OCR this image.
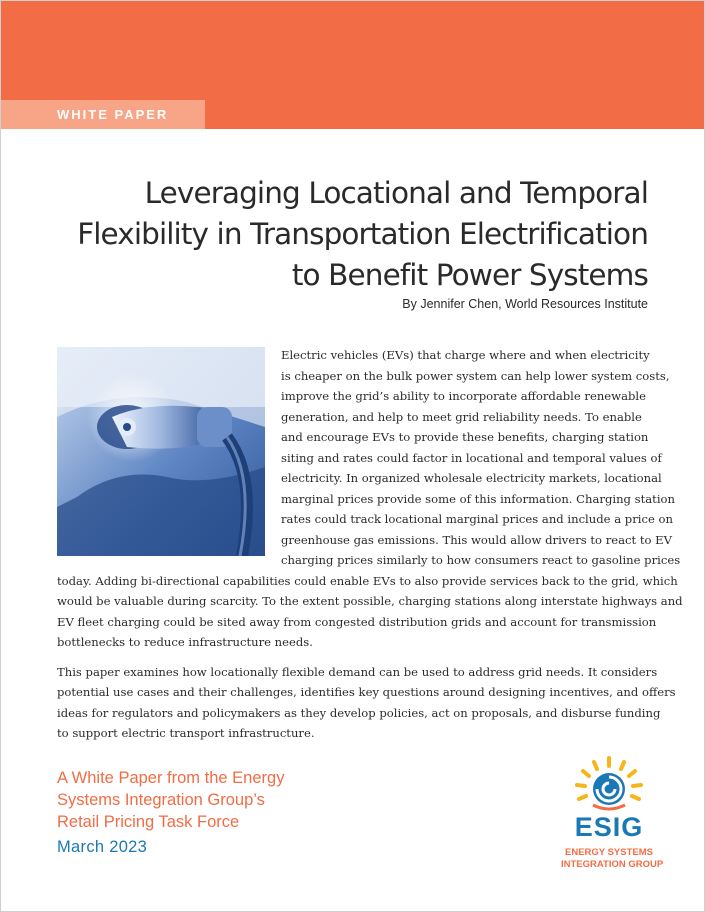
WHITE PAPER
Leveraging Locational and Temporal
Flexibility in Transportation Electrification
to Benefit Power Systems
By Jennifer Chen, World Resources Institute

Electric vehicles (EVs) that charge where and when electricity
is cheaper on the bulk power system can help lower system costs,
improve the grid’s ability to incorporate affordable renewable
generation, and help to meet grid reliability needs. To enable
and encourage EVs to provide these benefits, charging station
siting and rates could factor in locational and temporal values of
electricity. In organized wholesale electricity markets, locational
marginal prices provide some of this information. Charging station
rates could track locational marginal prices and include a price on
greenhouse gas emissions. This would allow drivers to react to EV
charging prices similarly to how consumers react to gasoline prices
today. Adding bi-directional capabilities could enable EVs to also provide services back to the grid, which
would be valuable during scarcity. To the extent possible, charging stations along interstate highways and
EV fleet charging could be sited away from congested distribution grids and account for transmission
bottlenecks to reduce infrastructure needs.

This paper examines how locationally flexible demand can be used to address grid needs. It considers
potential use cases and their challenges, identifies key questions around designing incentives, and offers
ideas for regulators and policymakers as they develop policies, act on proposals, and disburse funding
to support electric transport infrastructure.

A White Paper from the Energy
Systems Integration Group’s
Retail Pricing Task Force
March 2023
ESIG
ENERGY SYSTEMS
INTEGRATION GROUP
